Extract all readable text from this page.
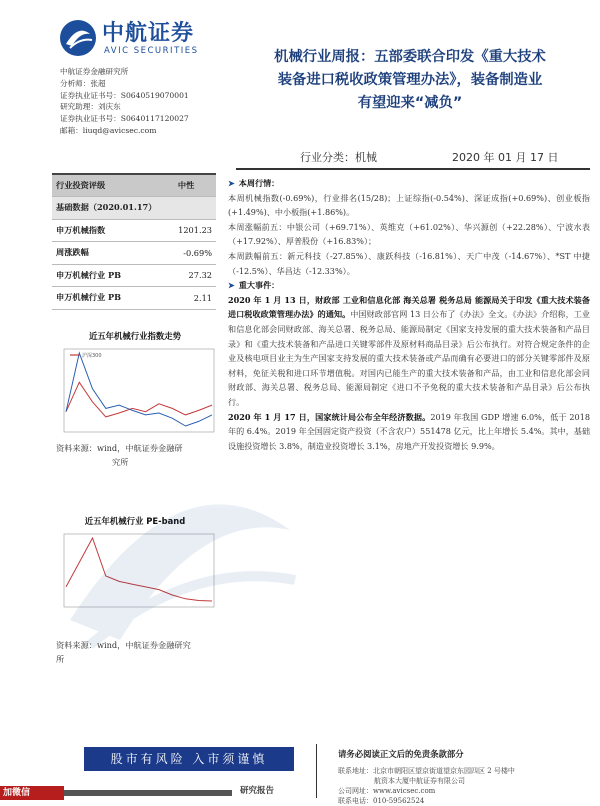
中航证券
AVIC SECURITIES
中航证券金融研究所
分析师：张超
证券执业证书号：S0640519070001
研究助理：刘庆东
证券执业证书号：S0640117120027
邮箱：liuqd@avicsec.com
机械行业周报：五部委联合印发《重大技术
装备进口税收政策管理办法》，装备制造业
有望迎来“减负”
行业分类：机械	2020 年 01 月 17 日
行业投资评级	中性
基础数据（2020.01.17）	
申万机械指数	1201.23
周涨跌幅	-0.69%
申万机械行业 PB	27.32
申万机械行业 PB	2.11
近五年机械行业指数走势
沪深300
资料来源：wind，中航证券金融研
究所
近五年机械行业 PE-band
资料来源：wind，中航证券金融研究
所

➤ 本周行情：

本周机械指数(-0.69%)，行业排名(15/28)；上证综指(-0.54%)、深证成指(+0.69%)、创业板指(+1.49%)、中小板指(+1.86%)。

本周涨幅前五：中银公司（+69.71%）、英维克（+61.02%）、华兴源创（+22.28%）、宁波水表（+17.92%）、厚普股份（+16.83%）；

本周跌幅前五：新元科技（-27.85%）、康跃科技（-16.81%）、天广中茂（-14.67%）、*ST 中捷（-12.5%）、华昌达（-12.33%）。

➤ 重大事件：

2020 年 1 月 13 日，财政部 工业和信息化部 海关总署 税务总局 能源局关于印发《重大技术装备进口税收政策管理办法》的通知。中国财政部官网 13 日公布了《办法》全文。《办法》介绍称，工业和信息化部会同财政部、海关总署、税务总局、能源局制定《国家支持发展的重大技术装备和产品目录》和《重大技术装备和产品进口关键零部件及原材料商品目录》后公布执行。对符合规定条件的企业及核电项目业主为生产国家支持发展的重大技术装备或产品而确有必要进口的部分关键零部件及原材料，免征关税和进口环节增值税。对国内已能生产的重大技术装备和产品，由工业和信息化部会同财政部、海关总署、税务总局、能源局制定《进口不予免税的重大技术装备和产品目录》后公布执行。

2020 年 1 月 17 日，国家统计局公布全年经济数据。2019 年我国 GDP 增速 6.0%，低于 2018 年的 6.4%。2019 年全国固定资产投资（不含农户）551478 亿元，比上年增长 5.4%。其中，基础设施投资增长 3.8%，制造业投资增长 3.1%，房地产开发投资增长 9.9%。

股市有风险 入市须谨慎	请务必阅读正文后的免责条款部分
联系地址：北京市朝阳区望京街道望京东园四区 2 号楼中
航资本大厦中航证券有限公司
公司网址：www.avicsec.com
联系电话：010-59562524
加微信	研究报告
